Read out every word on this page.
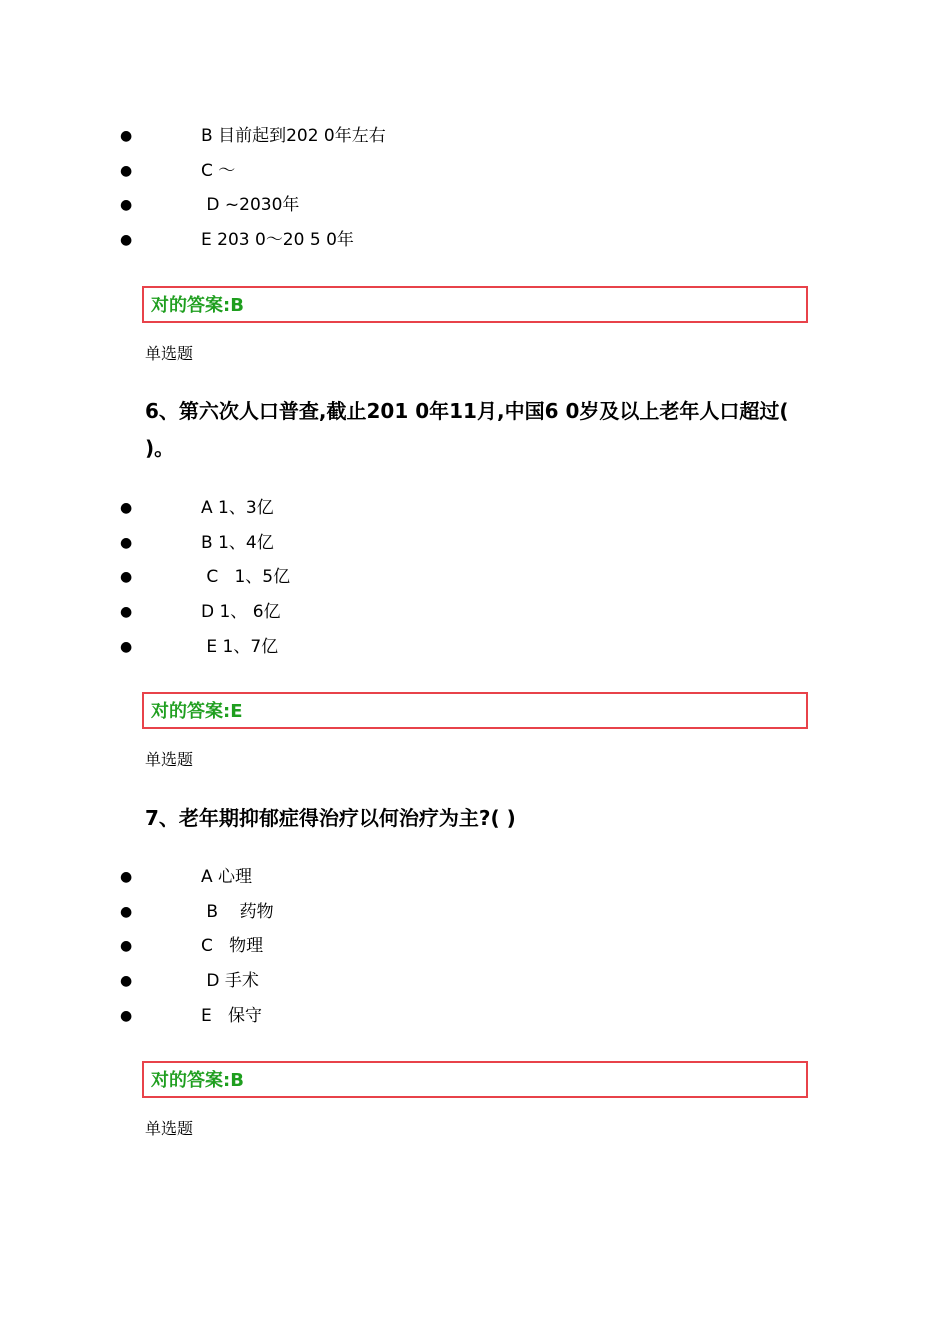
●	B 目前起到202 0年左右
●	C ～
●	D ~2030年
●	E 203 0～20 5 0年
对的答案:B
单选题

6、第六次人口普查,截止201 0年11月,中国6 0岁及以上老年人口超过( )。

●	A 1、3亿
●	B 1、4亿
●	C   1、5亿
●	D 1、 6亿
●	E 1、7亿
对的答案:E
单选题

7、老年期抑郁症得治疗以何治疗为主?( )

●	A 心理
●	B    药物
●	C   物理
●	D 手术
●	E   保守
对的答案:B
单选题
